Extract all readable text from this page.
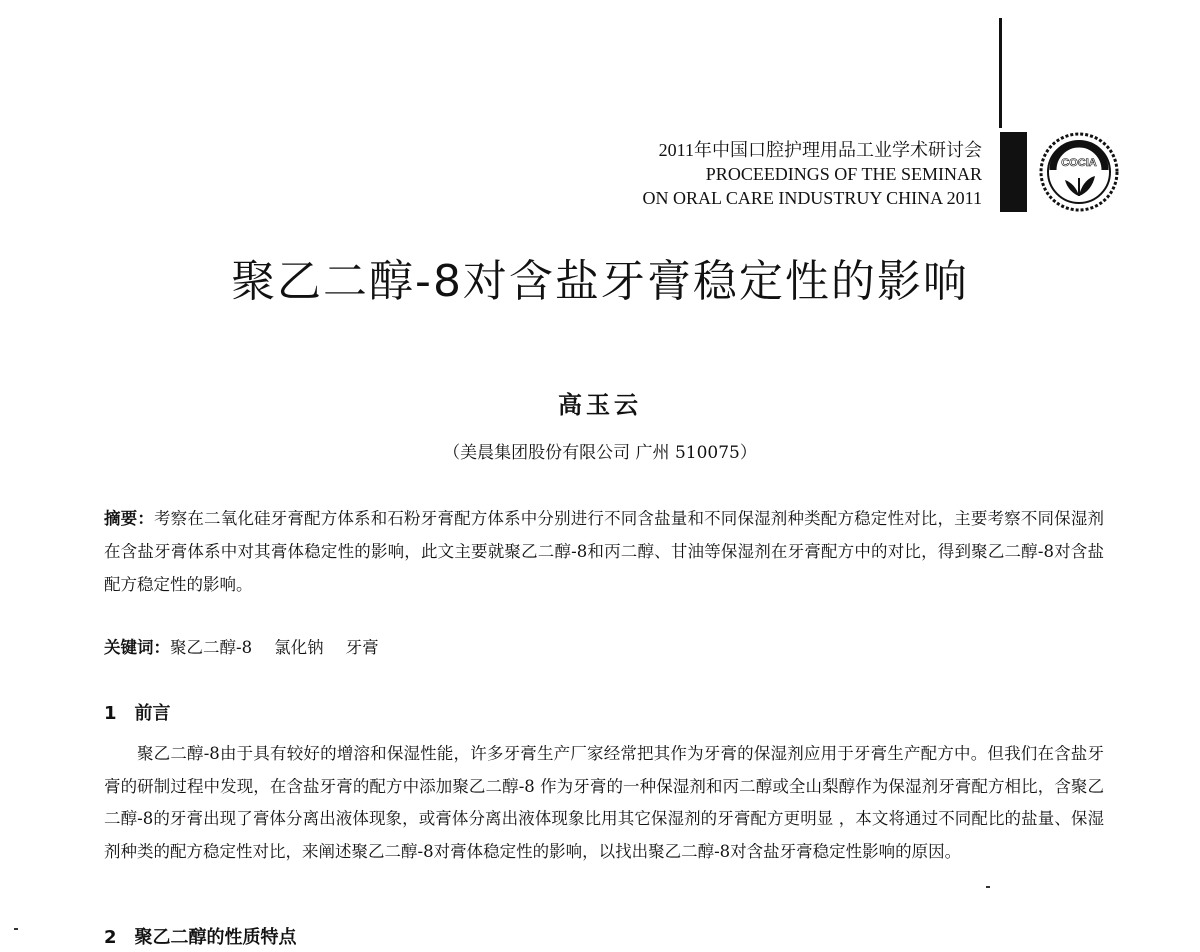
2011年中国口腔护理用品工业学术研讨会
PROCEEDINGS OF THE SEMINAR
ON ORAL CARE INDUSTRUY CHINA 2011
COCIA
聚乙二醇-8对含盐牙膏稳定性的影响
高玉云
（美晨集团股份有限公司 广州 510075）
摘要：考察在二氧化硅牙膏配方体系和石粉牙膏配方体系中分别进行不同含盐量和不同保湿剂种类配方稳定性对比，主要考察不同保湿剂在含盐牙膏体系中对其膏体稳定性的影响，此文主要就聚乙二醇-8和丙二醇、甘油等保湿剂在牙膏配方中的对比，得到聚乙二醇-8对含盐配方稳定性的影响。
关键词：聚乙二醇-8 氯化钠 牙膏
1 前言
聚乙二醇-8由于具有较好的增溶和保湿性能，许多牙膏生产厂家经常把其作为牙膏的保湿剂应用于牙膏生产配方中。但我们在含盐牙膏的研制过程中发现，在含盐牙膏的配方中添加聚乙二醇-8 作为牙膏的一种保湿剂和丙二醇或全山梨醇作为保湿剂牙膏配方相比，含聚乙二醇-8的牙膏出现了膏体分离出液体现象，或膏体分离出液体现象比用其它保湿剂的牙膏配方更明显 ，本文将通过不同配比的盐量、保湿剂种类的配方稳定性对比，来阐述聚乙二醇-8对膏体稳定性的影响，以找出聚乙二醇-8对含盐牙膏稳定性影响的原因。
2 聚乙二醇的性质特点
